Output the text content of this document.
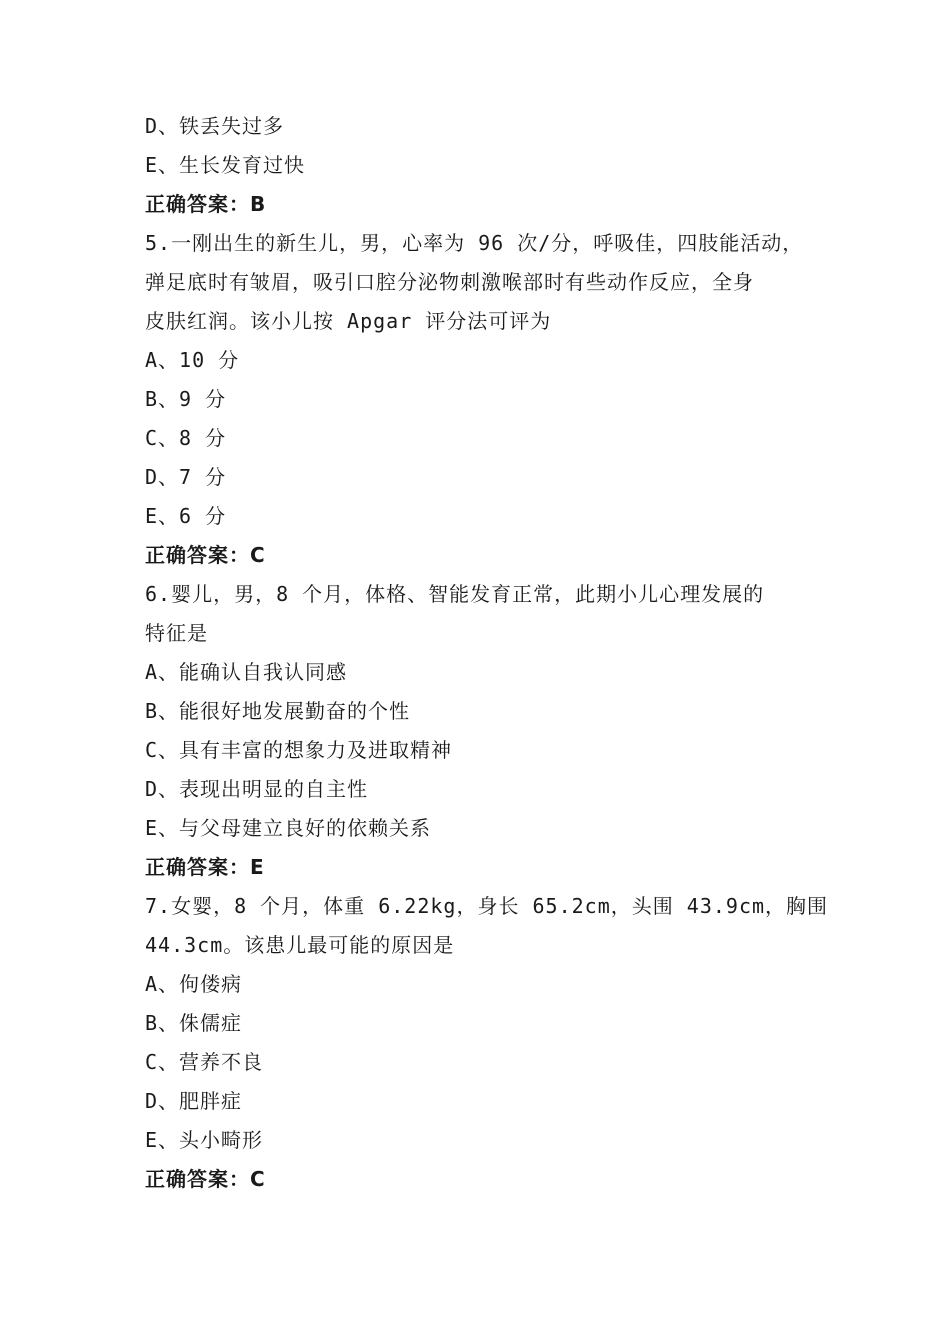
D、铁丢失过多
E、生长发育过快
正确答案：B
5.一刚出生的新生儿，男，心率为 96 次/分，呼吸佳，四肢能活动，
弹足底时有皱眉，吸引口腔分泌物刺激喉部时有些动作反应，全身
皮肤红润。该小儿按 Apgar 评分法可评为
A、10 分
B、9 分
C、8 分
D、7 分
E、6 分
正确答案：C
6.婴儿，男，8 个月，体格、智能发育正常，此期小儿心理发展的
特征是
A、能确认自我认同感
B、能很好地发展勤奋的个性
C、具有丰富的想象力及进取精神
D、表现出明显的自主性
E、与父母建立良好的依赖关系
正确答案：E
7.女婴，8 个月，体重 6.22kg，身长 65.2cm，头围 43.9cm，胸围
44.3cm。该患儿最可能的原因是
A、佝偻病
B、侏儒症
C、营养不良
D、肥胖症
E、头小畸形
正确答案：C
